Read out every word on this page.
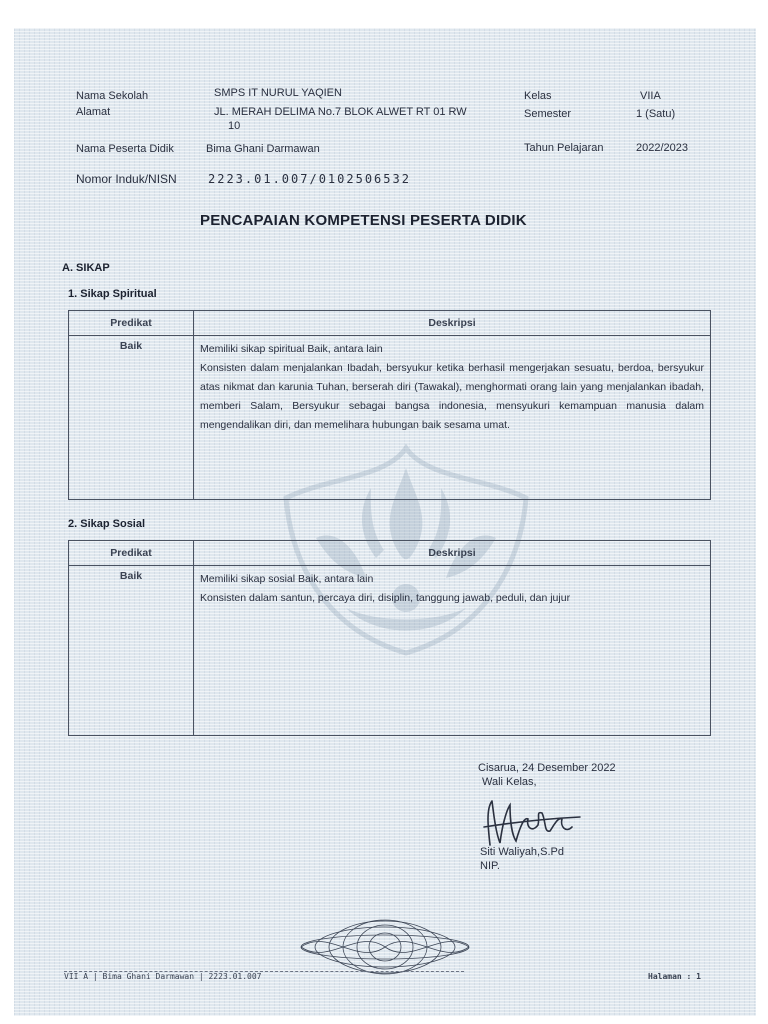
Nama Sekolah	SMPS IT NURUL YAQIEN
Alamat	JL. MERAH DELIMA No.7 BLOK ALWET RT 01 RW
10
Nama Peserta Didik	Bima Ghani Darmawan
Nomor Induk/NISN	2223.01.007/0102506532
Kelas	VIIA
Semester	1 (Satu)
Tahun Pelajaran	2022/2023
PENCAPAIAN KOMPETENSI PESERTA DIDIK
A. SIKAP
1. Sikap Spiritual
Predikat	Deskripsi
Baik	Memiliki sikap spiritual Baik, antara lain

Konsisten dalam menjalankan Ibadah, bersyukur ketika berhasil mengerjakan sesuatu, berdoa, bersyukur atas nikmat dan karunia Tuhan, berserah diri (Tawakal), menghormati orang lain yang menjalankan ibadah, memberi Salam, Bersyukur sebagai bangsa indonesia, mensyukuri kemampuan manusia dalam mengendalikan diri, dan memelihara hubungan baik sesama umat.

2. Sikap Sosial
Predikat	Deskripsi
Baik	Memiliki sikap sosial Baik, antara lain

Konsisten dalam santun, percaya diri, disiplin, tanggung jawab, peduli, dan jujur

Cisarua, 24 Desember 2022
Wali Kelas,
Siti Waliyah,S.Pd
NIP.
VII A | Bima Ghani Darmawan | 2223.01.007	Halaman : 1
